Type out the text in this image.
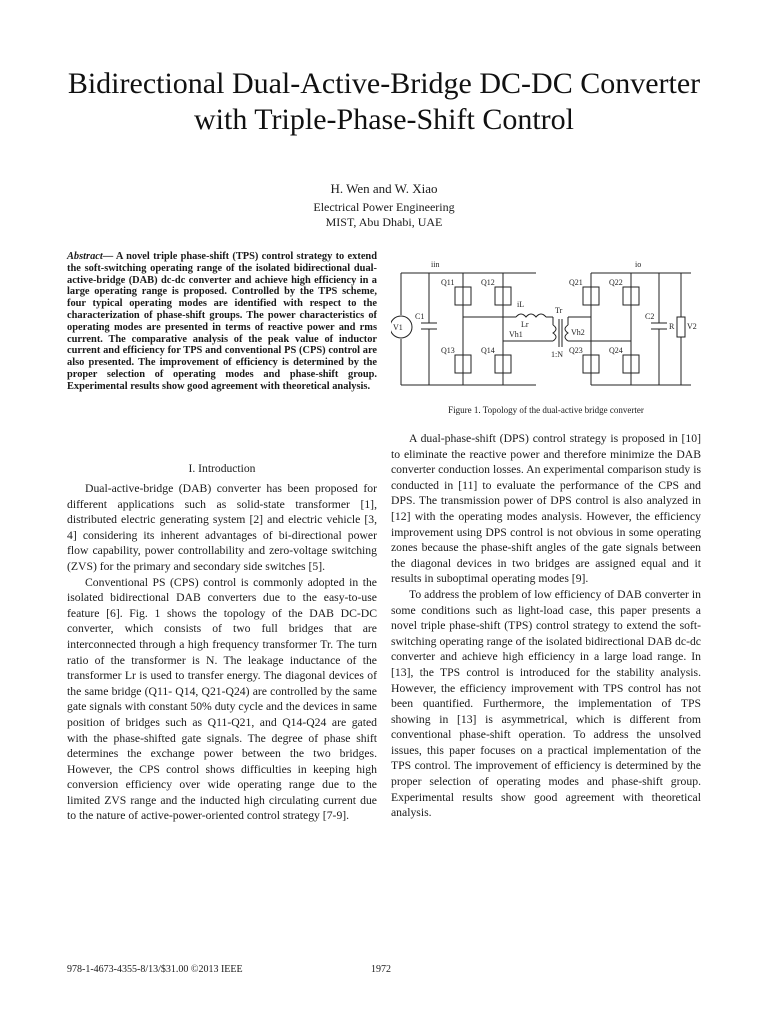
Bidirectional Dual-Active-Bridge DC-DC Converter
with Triple-Phase-Shift Control
H. Wen and W. Xiao
Electrical Power Engineering
MIST, Abu Dhabi, UAE
Abstract— A novel triple phase-shift (TPS) control strategy to extend the soft-switching operating range of the isolated bidirectional dual-active-bridge (DAB) dc-dc converter and achieve high efficiency in a large operating range is proposed. Controlled by the TPS scheme, four typical operating modes are identified with respect to the characterization of phase-shift groups. The power characteristics of operating modes are presented in terms of reactive power and rms current. The comparative analysis of the peak value of inductor current and efficiency for TPS and conventional PS (CPS) control are also presented. The improvement of efficiency is determined by the proper selection of operating modes and phase-shift group. Experimental results show good agreement with theoretical analysis.
I. Introduction

Dual-active-bridge (DAB) converter has been proposed for different applications such as solid-state transformer [1], distributed electric generating system [2] and electric vehicle [3, 4] considering its inherent advantages of bi-directional power flow capability, power controllability and zero-voltage switching (ZVS) for the primary and secondary side switches [5].

Conventional PS (CPS) control is commonly adopted in the isolated bidirectional DAB converters due to the easy-to-use feature [6]. Fig. 1 shows the topology of the DAB DC-DC converter, which consists of two full bridges that are interconnected through a high frequency transformer Tr. The turn ratio of the transformer is N. The leakage inductance of the transformer Lr is used to transfer energy. The diagonal devices of the same bridge (Q11- Q14, Q21-Q24) are controlled by the same gate signals with constant 50% duty cycle and the devices in same position of bridges such as Q11-Q21, and Q14-Q24 are gated with the phase-shifted gate signals. The degree of phase shift determines the exchange power between the two bridges. However, the CPS control shows difficulties in keeping high conversion efficiency over wide operating range due to the limited ZVS range and the inducted high circulating current due to the nature of active-power-oriented control strategy [7-9].

V1
C1
Q11	Q12
Q13	Q14
iin
iL
Lr
Vh1
Tr
1:N
Vh2
Q21	Q22
Q23	Q24
io
C2
R V2
Figure 1. Topology of the dual-active bridge converter

A dual-phase-shift (DPS) control strategy is proposed in [10] to eliminate the reactive power and therefore minimize the DAB converter conduction losses. An experimental comparison study is conducted in [11] to evaluate the performance of the CPS and DPS. The transmission power of DPS control is also analyzed in [12] with the operating modes analysis. However, the efficiency improvement using DPS control is not obvious in some operating zones because the phase-shift angles of the gate signals between the diagonal devices in two bridges are assigned equal and it results in suboptimal operating modes [9].

To address the problem of low efficiency of DAB converter in some conditions such as light-load case, this paper presents a novel triple phase-shift (TPS) control strategy to extend the soft-switching operating range of the isolated bidirectional DAB dc-dc converter and achieve high efficiency in a large load range. In [13], the TPS control is introduced for the stability analysis. However, the efficiency improvement with TPS control has not been quantified. Furthermore, the implementation of TPS showing in [13] is asymmetrical, which is different from conventional phase-shift operation. To address the unsolved issues, this paper focuses on a practical implementation of the TPS control. The improvement of efficiency is determined by the proper selection of operating modes and phase-shift group. Experimental results show good agreement with theoretical analysis.

978-1-4673-4355-8/13/$31.00 ©2013 IEEE	1972
